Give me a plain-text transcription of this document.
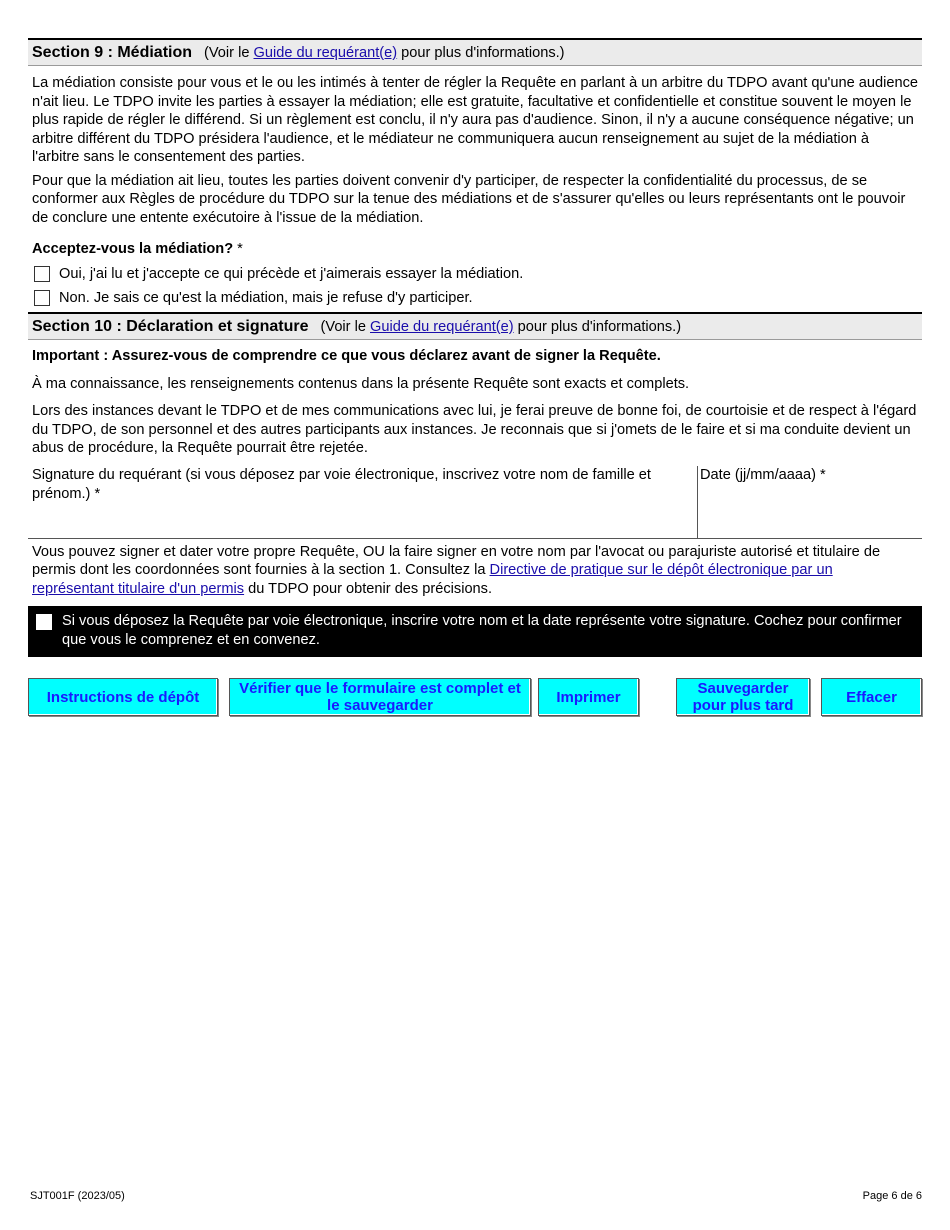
Section 9 : Médiation (Voir le Guide du requérant(e) pour plus d'informations.)

La médiation consiste pour vous et le ou les intimés à tenter de régler la Requête en parlant à un arbitre du TDPO avant qu'une audience n'ait lieu. Le TDPO invite les parties à essayer la médiation; elle est gratuite, facultative et confidentielle et constitue souvent le moyen le plus rapide de régler le différend. Si un règlement est conclu, il n'y aura pas d'audience. Sinon, il n'y a aucune conséquence négative; un arbitre différent du TDPO présidera l'audience, et le médiateur ne communiquera aucun renseignement au sujet de la médiation à l'arbitre sans le consentement des parties.

Pour que la médiation ait lieu, toutes les parties doivent convenir d'y participer, de respecter la confidentialité du processus, de se conformer aux Règles de procédure du TDPO sur la tenue des médiations et de s'assurer qu'elles ou leurs représentants ont le pouvoir de conclure une entente exécutoire à l'issue de la médiation.

Acceptez-vous la médiation? *
Oui, j'ai lu et j'accepte ce qui précède et j'aimerais essayer la médiation.
Non. Je sais ce qu'est la médiation, mais je refuse d'y participer.
Section 10 : Déclaration et signature (Voir le Guide du requérant(e) pour plus d'informations.)

Important : Assurez-vous de comprendre ce que vous déclarez avant de signer la Requête.

À ma connaissance, les renseignements contenus dans la présente Requête sont exacts et complets.

Lors des instances devant le TDPO et de mes communications avec lui, je ferai preuve de bonne foi, de courtoisie et de respect à l'égard du TDPO, de son personnel et des autres participants aux instances. Je reconnais que si j'omets de le faire et si ma conduite devient un abus de procédure, la Requête pourrait être rejetée.

Signature du requérant (si vous déposez par voie électronique, inscrivez votre nom de famille et prénom.) *
Date (jj/mm/aaaa) *

Vous pouvez signer et dater votre propre Requête, OU la faire signer en votre nom par l'avocat ou parajuriste autorisé et titulaire de permis dont les coordonnées sont fournies à la section 1. Consultez la Directive de pratique sur le dépôt électronique par un représentant titulaire d'un permis du TDPO pour obtenir des précisions.

Si vous déposez la Requête par voie électronique, inscrire votre nom et la date représente votre signature. Cochez pour confirmer que vous le comprenez et en convenez.
Instructions de dépôt	Vérifier que le formulaire est complet et le sauvegarder	Imprimer	Sauvegarder pour plus tard	Effacer
SJT001F (2023/05)	Page 6 de 6
